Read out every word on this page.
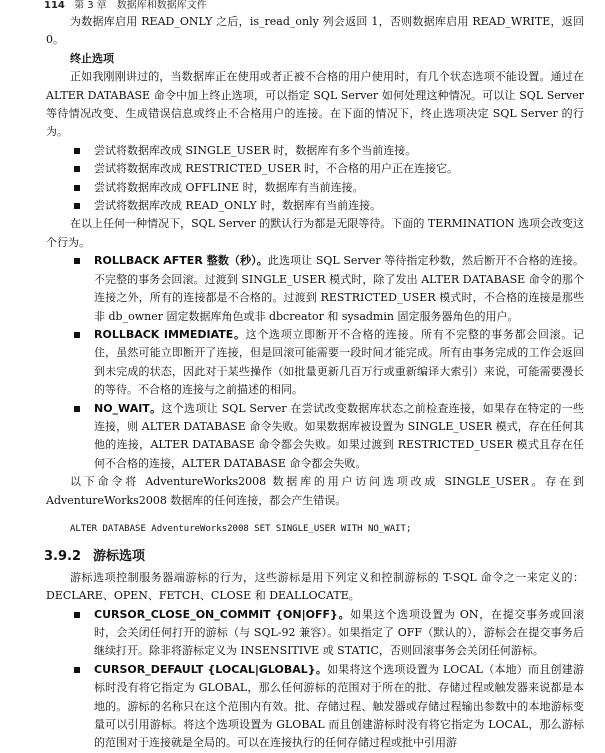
114 第 3 章　数据库和数据库文件

为数据库启用 READ_ONLY 之后，is_read_only 列会返回 1，否则数据库启用 READ_WRITE，返回 0。

终止选项

正如我刚刚讲过的，当数据库正在使用或者正被不合格的用户使用时，有几个状态选项不能设置。通过在 ALTER DATABASE 命令中加上终止选项，可以指定 SQL Server 如何处理这种情况。可以让 SQL Server 等待情况改变、生成错误信息或终止不合格用户的连接。在下面的情况下，终止选项决定 SQL Server 的行为。

尝试将数据库改成 SINGLE_USER 时，数据库有多个当前连接。
尝试将数据库改成 RESTRICTED_USER 时，不合格的用户正在连接它。
尝试将数据库改成 OFFLINE 时，数据库有当前连接。
尝试将数据库改成 READ_ONLY 时，数据库有当前连接。

在以上任何一种情况下，SQL Server 的默认行为都是无限等待。下面的 TERMINATION 选项会改变这个行为。

ROLLBACK AFTER 整数（秒）。此选项让 SQL Server 等待指定秒数，然后断开不合格的连接。不完整的事务会回滚。过渡到 SINGLE_USER 模式时，除了发出 ALTER DATABASE 命令的那个连接之外，所有的连接都是不合格的。过渡到 RESTRICTED_USER 模式时，不合格的连接是那些非 db_owner 固定数据库角色或非 dbcreator 和 sysadmin 固定服务器角色的用户。
ROLLBACK IMMEDIATE。这个选项立即断开不合格的连接。所有不完整的事务都会回滚。记住，虽然可能立即断开了连接，但是回滚可能需要一段时间才能完成。所有由事务完成的工作会返回到未完成的状态，因此对于某些操作（如批量更新几百万行或重新编译大索引）来说，可能需要漫长的等待。不合格的连接与之前描述的相同。
NO_WAIT。这个选项让 SQL Server 在尝试改变数据库状态之前检查连接，如果存在特定的一些连接，则 ALTER DATABASE 命令失败。如果数据库被设置为 SINGLE_USER 模式，存在任何其他的连接，ALTER DATABASE 命令都会失败。如果过渡到 RESTRICTED_USER 模式且存在任何不合格的连接，ALTER DATABASE 命令都会失败。

以下命令将 AdventureWorks2008 数据库的用户访问选项改成 SINGLE_USER。存在到 AdventureWorks2008 数据库的任何连接，都会产生错误。

ALTER DATABASE AdventureWorks2008 SET SINGLE_USER WITH NO_WAIT;
3.9.2 游标选项

游标选项控制服务器端游标的行为，这些游标是用下列定义和控制游标的 T-SQL 命令之一来定义的：DECLARE、OPEN、FETCH、CLOSE 和 DEALLOCATE。

CURSOR_CLOSE_ON_COMMIT {ON|OFF}。如果这个选项设置为 ON，在提交事务或回滚时，会关闭任何打开的游标（与 SQL-92 兼容）。如果指定了 OFF（默认的），游标会在提交事务后继续打开。除非将游标定义为 INSENSITIVE 或 STATIC，否则回滚事务会关闭任何游标。
CURSOR_DEFAULT {LOCAL|GLOBAL}。如果将这个选项设置为 LOCAL（本地）而且创建游标时没有将它指定为 GLOBAL，那么任何游标的范围对于所在的批、存储过程或触发器来说都是本地的。游标的名称只在这个范围内有效。批、存储过程、触发器或存储过程输出参数中的本地游标变量可以引用游标。将这个选项设置为 GLOBAL 而且创建游标时没有将它指定为 LOCAL，那么游标的范围对于连接就是全局的。可以在连接执行的任何存储过程或批中引用游
